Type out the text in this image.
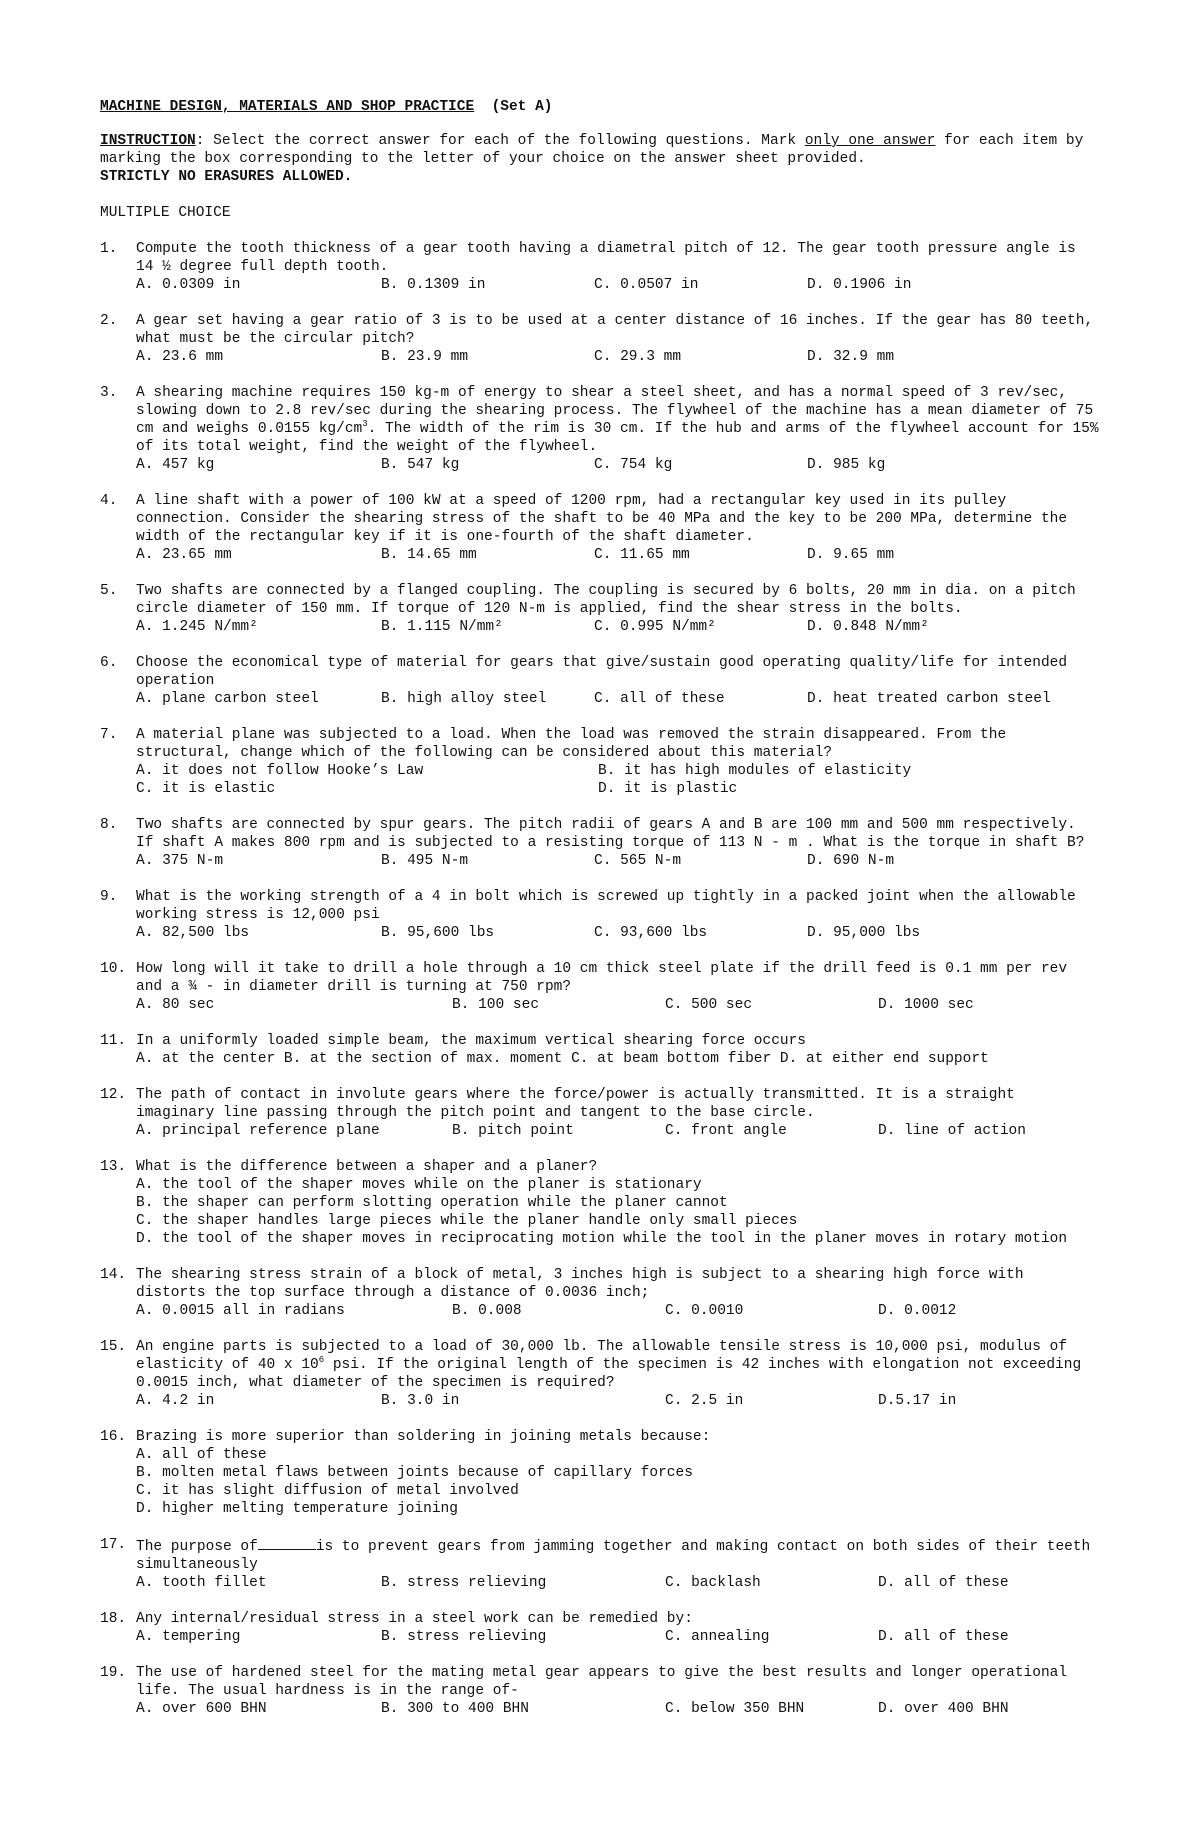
MACHINE DESIGN, MATERIALS AND SHOP PRACTICE (Set A)
INSTRUCTION: Select the correct answer for each of the following questions. Mark only one answer for each item by marking the box corresponding to the letter of your choice on the answer sheet provided.
STRICTLY NO ERASURES ALLOWED.
MULTIPLE CHOICE
1. Compute the tooth thickness of a gear tooth having a diametral pitch of 12. The gear tooth pressure angle is 14 ½ degree full depth tooth.
A. 0.0309 in	B. 0.1309 in	C. 0.0507 in	D. 0.1906 in
2. A gear set having a gear ratio of 3 is to be used at a center distance of 16 inches. If the gear has 80 teeth, what must be the circular pitch?
A. 23.6 mm	B. 23.9 mm	C. 29.3 mm	D. 32.9 mm
3. A shearing machine requires 150 kg-m of energy to shear a steel sheet, and has a normal speed of 3 rev/sec, slowing down to 2.8 rev/sec during the shearing process. The flywheel of the machine has a mean diameter of 75 cm and weighs 0.0155 $kg/cm^3$. The width of the rim is 30 cm. If the hub and arms of the flywheel account for 15% of its total weight, find the weight of the flywheel.
A. 457 kg	B. 547 kg	C. 754 kg	D. 985 kg
4. A line shaft with a power of 100 kW at a speed of 1200 rpm, had a rectangular key used in its pulley connection. Consider the shearing stress of the shaft to be 40 MPa and the key to be 200 MPa, determine the width of the rectangular key if it is one-fourth of the shaft diameter.
A. 23.65 mm	B. 14.65 mm	C. 11.65 mm	D. 9.65 mm
5. Two shafts are connected by a flanged coupling. The coupling is secured by 6 bolts, 20 mm in dia. on a pitch circle diameter of 150 mm. If torque of 120 N-m is applied, find the shear stress in the bolts.
A. 1.245 N/mm²	B. 1.115 N/mm²	C. 0.995 N/mm²	D. 0.848 N/mm²
6. Choose the economical type of material for gears that give/sustain good operating quality/life for intended operation
A. plane carbon steel	B. high alloy steel	C. all of these	D. heat treated carbon steel
7. A material plane was subjected to a load. When the load was removed the strain disappeared. From the structural, change which of the following can be considered about this material?
A. it does not follow Hooke’s Law	B. it has high modules of elasticity
C. it is elastic	D. it is plastic
8. Two shafts are connected by spur gears. The pitch radii of gears A and B are 100 mm and 500 mm respectively. If shaft A makes 800 rpm and is subjected to a resisting torque of 113 N - m . What is the torque in shaft B?
A. 375 N-m	B. 495 N-m	C. 565 N-m	D. 690 N-m
9. What is the working strength of a 4 in bolt which is screwed up tightly in a packed joint when the allowable working stress is 12,000 psi
A. 82,500 lbs	B. 95,600 lbs	C. 93,600 lbs	D. 95,000 lbs
10. How long will it take to drill a hole through a 10 cm thick steel plate if the drill feed is 0.1 mm per rev and a ¾ - in diameter drill is turning at 750 rpm?
A. 80 sec	B. 100 sec	C. 500 sec	D. 1000 sec
11. In a uniformly loaded simple beam, the maximum vertical shearing force occurs
A. at the center B. at the section of max. moment C. at beam bottom fiber D. at either end support
12. The path of contact in involute gears where the force/power is actually transmitted. It is a straight imaginary line passing through the pitch point and tangent to the base circle.
A. principal reference plane	B. pitch point	C. front angle	D. line of action
13. What is the difference between a shaper and a planer?
A. the tool of the shaper moves while on the planer is stationary
B. the shaper can perform slotting operation while the planer cannot
C. the shaper handles large pieces while the planer handle only small pieces
D. the tool of the shaper moves in reciprocating motion while the tool in the planer moves in rotary motion
14. The shearing stress strain of a block of metal, 3 inches high is subject to a shearing high force with distorts the top surface through a distance of 0.0036 inch;
A. 0.0015 all in radians	B. 0.008	C. 0.0010	D. 0.0012
15. An engine parts is subjected to a load of 30,000 lb. The allowable tensile stress is 10,000 psi, modulus of elasticity of 40 x $10^6$ psi. If the original length of the specimen is 42 inches with elongation not exceeding 0.0015 inch, what diameter of the specimen is required?
A. 4.2 in	B. 3.0 in	C. 2.5 in	D.5.17 in
16. Brazing is more superior than soldering in joining metals because:
A. all of these
B. molten metal flaws between joints because of capillary forces
C. it has slight diffusion of metal involved
D. higher melting temperature joining
17. The purpose of	is to prevent gears from jamming together and making contact on both sides of their teeth simultaneously
A. tooth fillet	B. stress relieving	C. backlash	D. all of these
18. Any internal/residual stress in a steel work can be remedied by:
A. tempering	B. stress relieving	C. annealing	D. all of these
19. The use of hardened steel for the mating metal gear appears to give the best results and longer operational life. The usual hardness is in the range of-
A. over 600 BHN	B. 300 to 400 BHN	C. below 350 BHN	D. over 400 BHN
